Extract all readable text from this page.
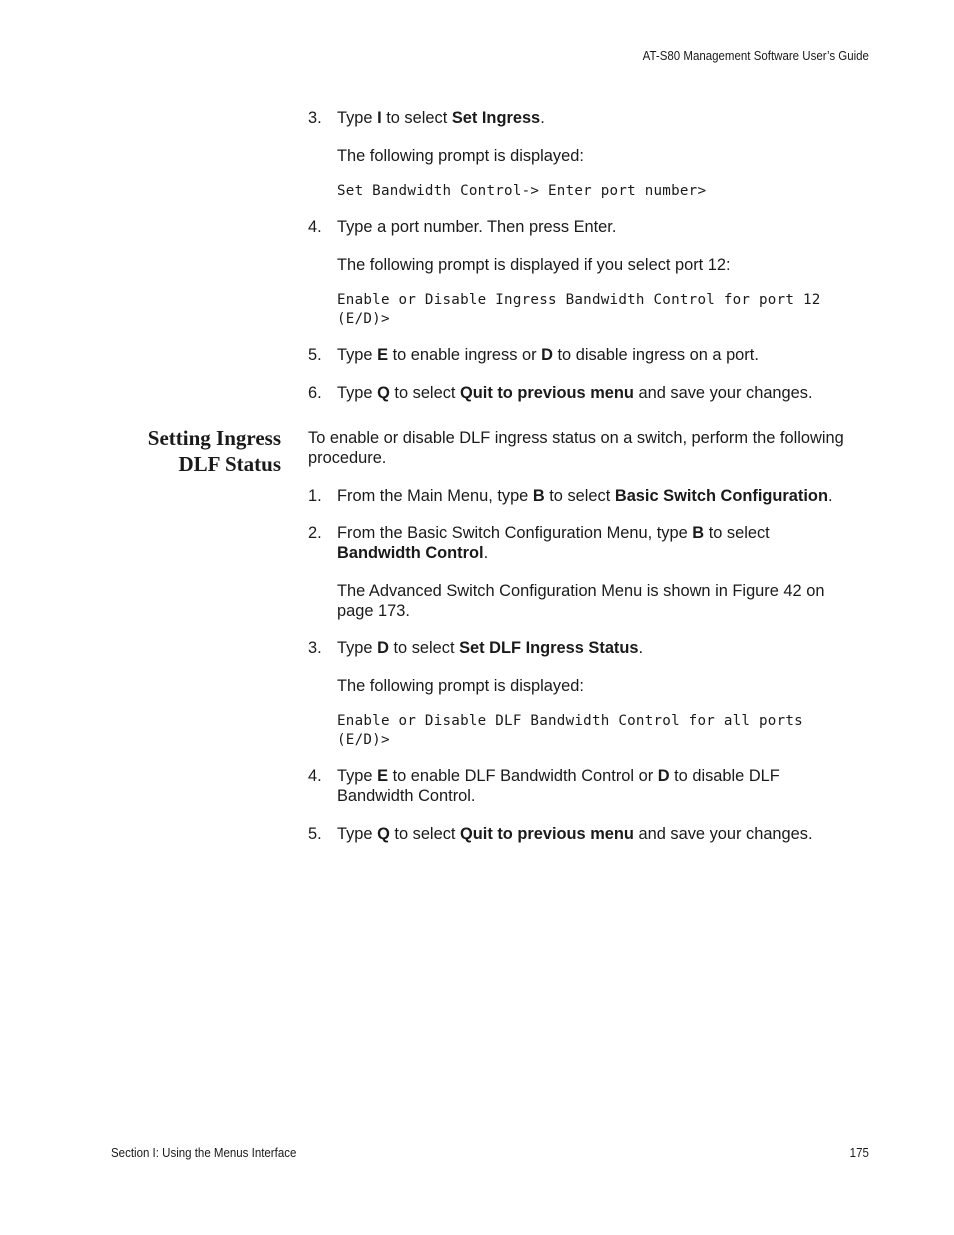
AT-S80 Management Software User’s Guide
3. Type I to select Set Ingress.
The following prompt is displayed:
Set Bandwidth Control-> Enter port number>
4. Type a port number. Then press Enter.
The following prompt is displayed if you select port 12:
Enable or Disable Ingress Bandwidth Control for port 12
(E/D)>
5. Type E to enable ingress or D to disable ingress on a port.
6. Type Q to select Quit to previous menu and save your changes.
Setting Ingress
DLF Status
To enable or disable DLF ingress status on a switch, perform the following procedure.
1. From the Main Menu, type B to select Basic Switch Configuration.
2. From the Basic Switch Configuration Menu, type B to select
Bandwidth Control.
The Advanced Switch Configuration Menu is shown in Figure 42 on page 173.
3. Type D to select Set DLF Ingress Status.
The following prompt is displayed:
Enable or Disable DLF Bandwidth Control for all ports
(E/D)>
4. Type E to enable DLF Bandwidth Control or D to disable DLF Bandwidth Control.
5. Type Q to select Quit to previous menu and save your changes.
Section I: Using the Menus Interface	175
